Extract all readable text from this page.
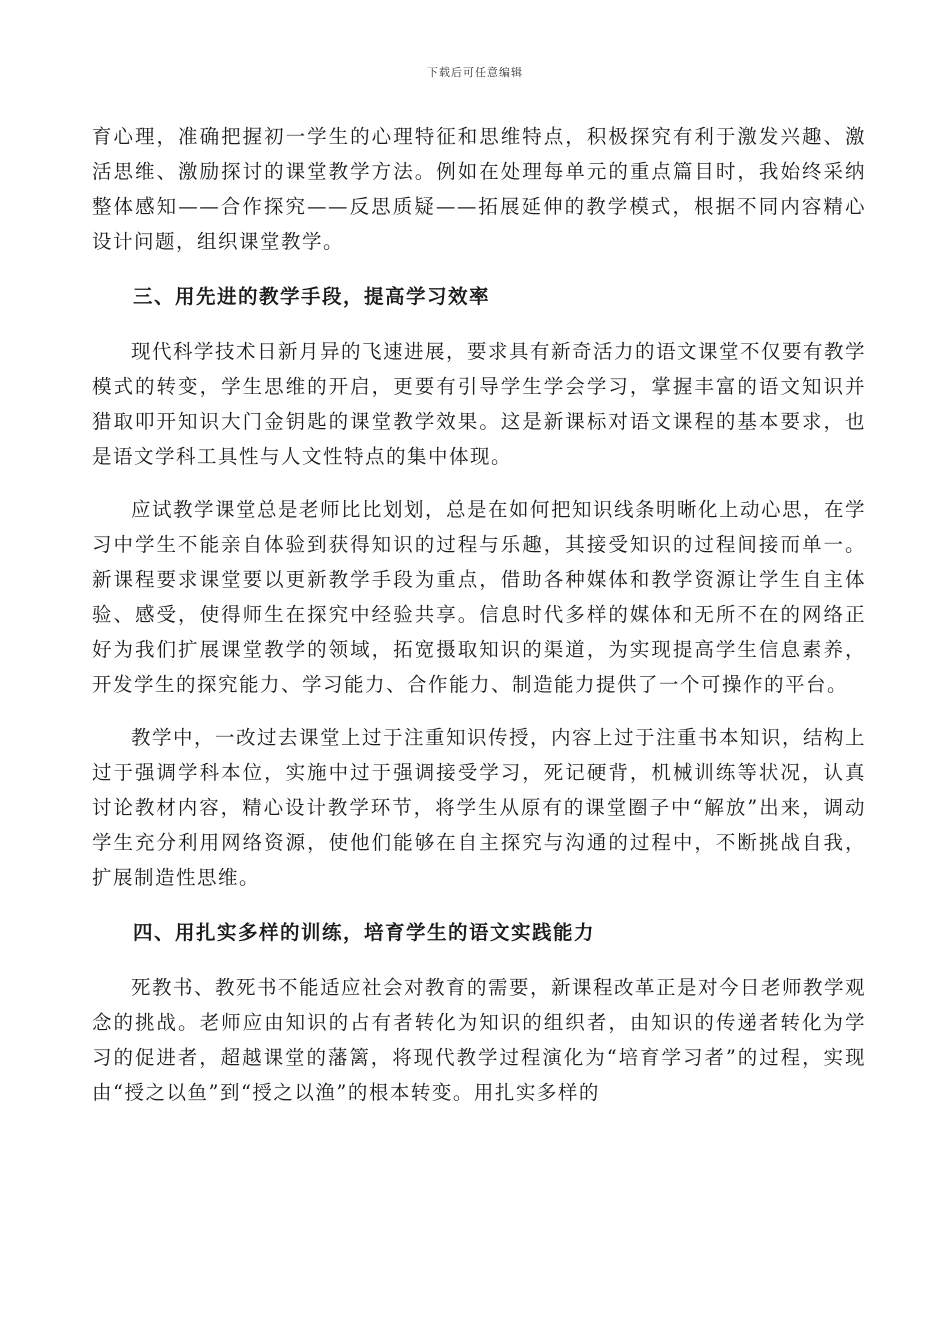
下载后可任意编辑

育心理，准确把握初一学生的心理特征和思维特点，积极探究有利于激发兴趣、激活思维、激励探讨的课堂教学方法。例如在处理每单元的重点篇目时，我始终采纳整体感知——合作探究——反思质疑——拓展延伸的教学模式，根据不同内容精心设计问题，组织课堂教学。

三、用先进的教学手段，提高学习效率

现代科学技术日新月异的飞速进展，要求具有新奇活力的语文课堂不仅要有教学模式的转变，学生思维的开启，更要有引导学生学会学习，掌握丰富的语文知识并猎取叩开知识大门金钥匙的课堂教学效果。这是新课标对语文课程的基本要求，也是语文学科工具性与人文性特点的集中体现。

应试教学课堂总是老师比比划划，总是在如何把知识线条明晰化上动心思，在学习中学生不能亲自体验到获得知识的过程与乐趣，其接受知识的过程间接而单一。新课程要求课堂要以更新教学手段为重点，借助各种媒体和教学资源让学生自主体验、感受，使得师生在探究中经验共享。信息时代多样的媒体和无所不在的网络正好为我们扩展课堂教学的领域，拓宽摄取知识的渠道，为实现提高学生信息素养，开发学生的探究能力、学习能力、合作能力、制造能力提供了一个可操作的平台。

教学中，一改过去课堂上过于注重知识传授，内容上过于注重书本知识，结构上过于强调学科本位，实施中过于强调接受学习，死记硬背，机械训练等状况，认真讨论教材内容，精心设计教学环节，将学生从原有的课堂圈子中“解放”出来，调动学生充分利用网络资源，使他们能够在自主探究与沟通的过程中，不断挑战自我，扩展制造性思维。

四、用扎实多样的训练，培育学生的语文实践能力

死教书、教死书不能适应社会对教育的需要，新课程改革正是对今日老师教学观念的挑战。老师应由知识的占有者转化为知识的组织者，由知识的传递者转化为学习的促进者，超越课堂的藩篱，将现代教学过程演化为“培育学习者”的过程，实现由“授之以鱼”到“授之以渔”的根本转变。用扎实多样的
